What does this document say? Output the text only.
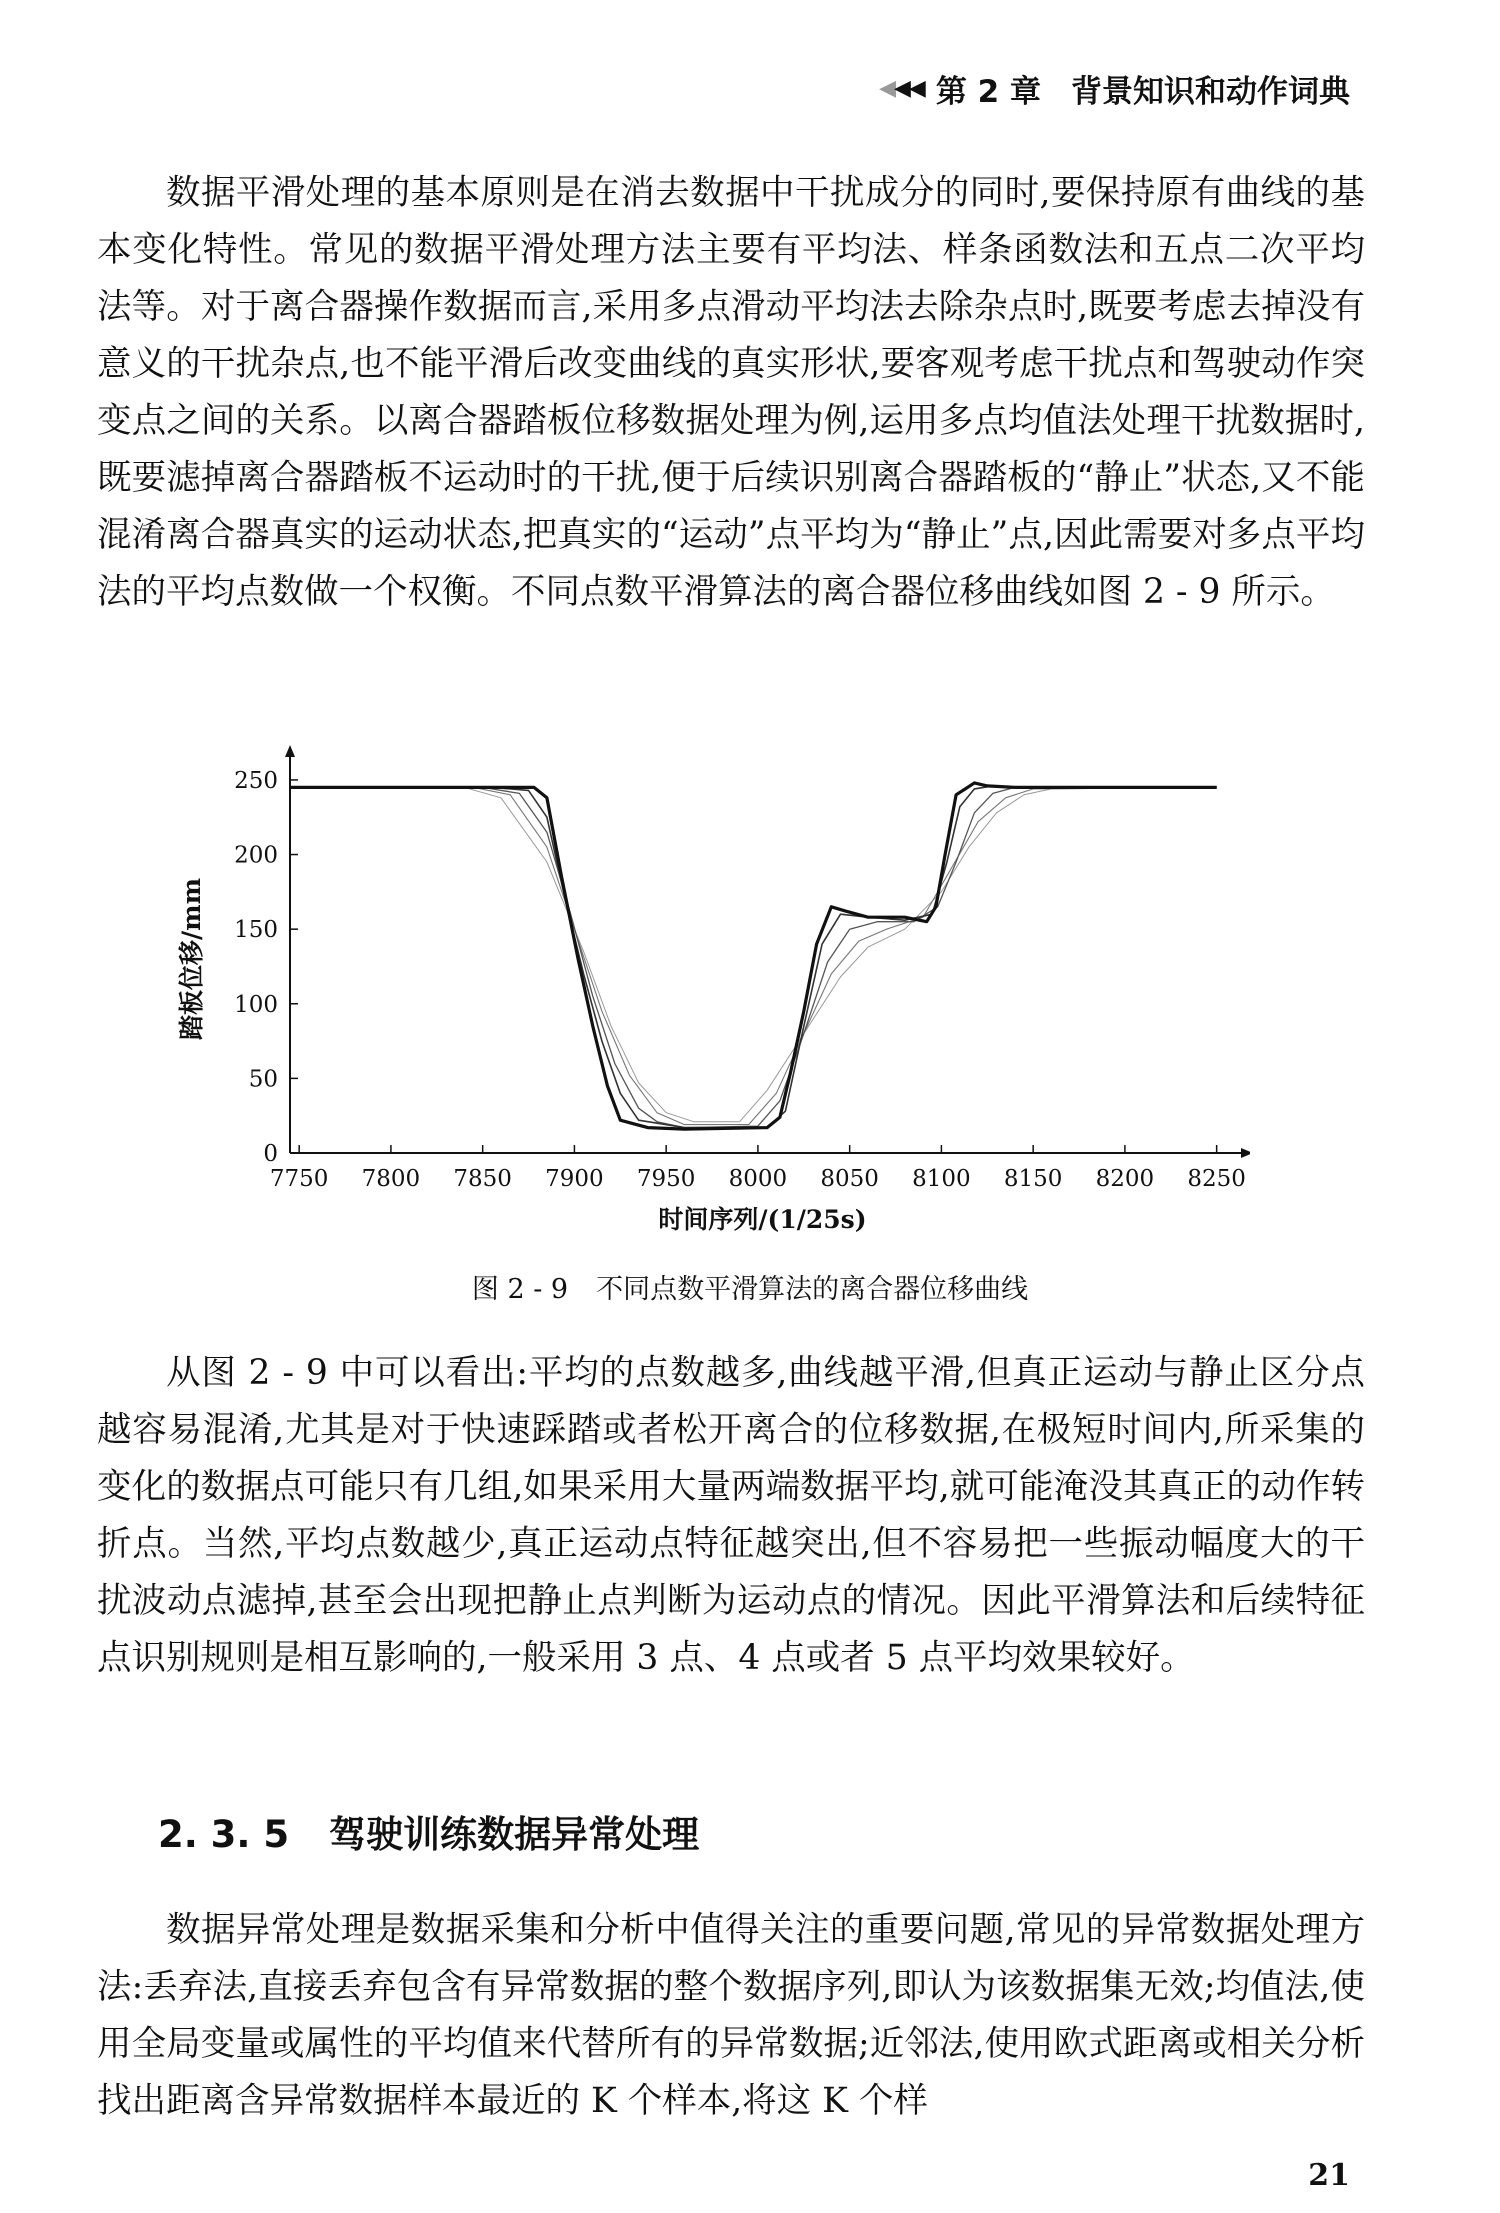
◀◀◀ 第 2 章 背景知识和动作词典

数据平滑处理的基本原则是在消去数据中干扰成分的同时,要保持原有曲线的基本变化特性。常见的数据平滑处理方法主要有平均法、样条函数法和五点二次平均法等。对于离合器操作数据而言,采用多点滑动平均法去除杂点时,既要考虑去掉没有意义的干扰杂点,也不能平滑后改变曲线的真实形状,要客观考虑干扰点和驾驶动作突变点之间的关系。以离合器踏板位移数据处理为例,运用多点均值法处理干扰数据时,既要滤掉离合器踏板不运动时的干扰,便于后续识别离合器踏板的“静止”状态,又不能混淆离合器真实的运动状态,把真实的“运动”点平均为“静止”点,因此需要对多点平均法的平均点数做一个权衡。不同点数平滑算法的离合器位移曲线如图 2 - 9 所示。

7750 7800 7850 7900 7950 8000 8050 8100 8150 8200 8250
0
50
100
150
200
250
时间序列/(1/25s)
踏板位移/mm
图 2 - 9 不同点数平滑算法的离合器位移曲线

从图 2 - 9 中可以看出:平均的点数越多,曲线越平滑,但真正运动与静止区分点越容易混淆,尤其是对于快速踩踏或者松开离合的位移数据,在极短时间内,所采集的变化的数据点可能只有几组,如果采用大量两端数据平均,就可能淹没其真正的动作转折点。当然,平均点数越少,真正运动点特征越突出,但不容易把一些振动幅度大的干扰波动点滤掉,甚至会出现把静止点判断为运动点的情况。因此平滑算法和后续特征点识别规则是相互影响的,一般采用 3 点、4 点或者 5 点平均效果较好。

2. 3. 5 驾驶训练数据异常处理

数据异常处理是数据采集和分析中值得关注的重要问题,常见的异常数据处理方法:丢弃法,直接丢弃包含有异常数据的整个数据序列,即认为该数据集无效;均值法,使用全局变量或属性的平均值来代替所有的异常数据;近邻法,使用欧式距离或相关分析找出距离含异常数据样本最近的 K 个样本,将这 K 个样

21
